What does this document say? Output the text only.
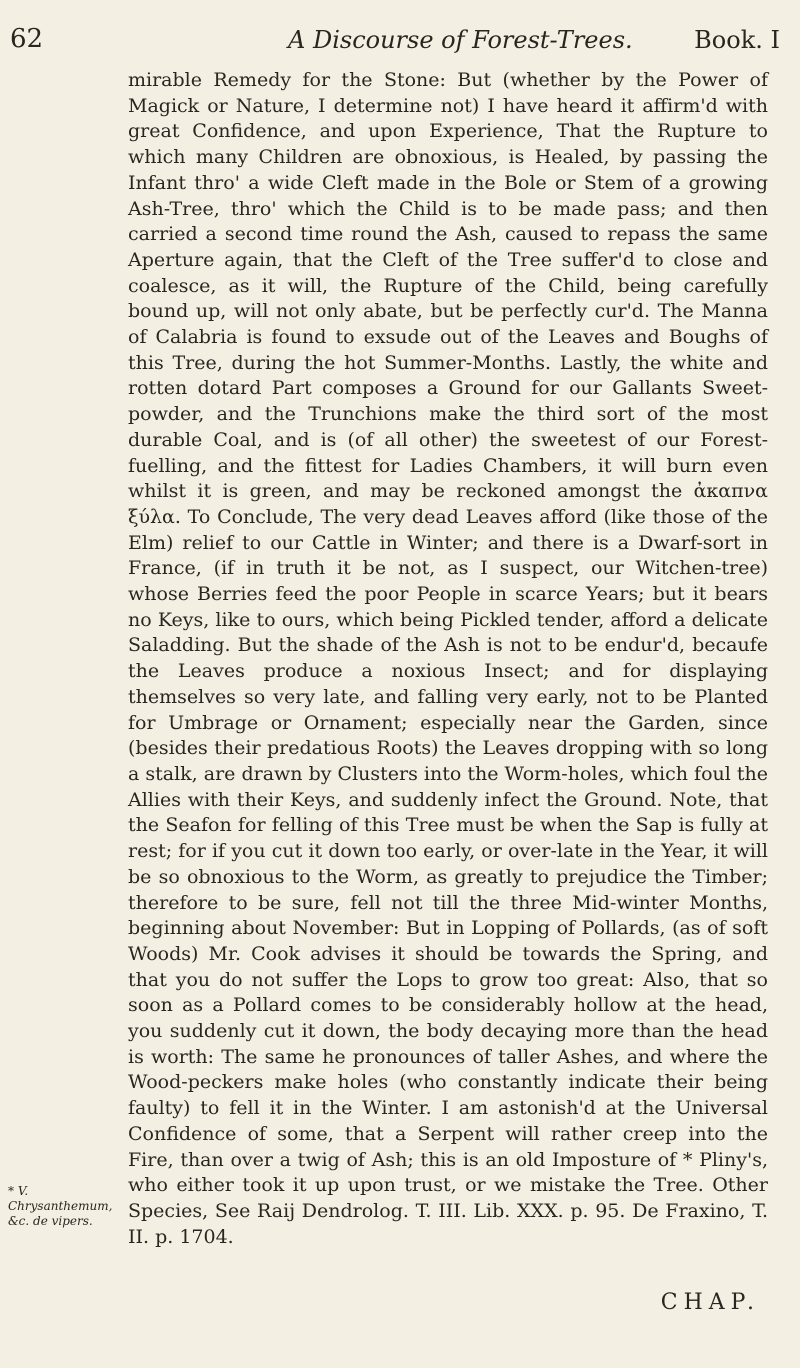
62	A Discourse of Forest-Trees.	Book. I

mirable Remedy for the Stone: But (whether by the Power of Magick or Nature, I determine not) I have heard it affirm'd with great Confidence, and upon Experience, That the Rupture to which many Children are obnoxious, is Healed, by passing the Infant thro' a wide Cleft made in the Bole or Stem of a growing Ash-Tree, thro' which the Child is to be made pass; and then carried a second time round the Ash, caused to repass the same Aperture again, that the Cleft of the Tree suffer'd to close and coalesce, as it will, the Rupture of the Child, being carefully bound up, will not only abate, but be perfectly cur'd. The Manna of Calabria is found to exsude out of the Leaves and Boughs of this Tree, during the hot Summer-Months. Lastly, the white and rotten dotard Part composes a Ground for our Gallants Sweet-powder, and the Trunchions make the third sort of the most durable Coal, and is (of all other) the sweetest of our Forest-fuelling, and the fittest for Ladies Chambers, it will burn even whilst it is green, and may be reckoned amongst the ἀκαπνα ξύλα. To Conclude, The very dead Leaves afford (like those of the Elm) relief to our Cattle in Winter; and there is a Dwarf-sort in France, (if in truth it be not, as I suspect, our Witchen-tree) whose Berries feed the poor People in scarce Years; but it bears no Keys, like to ours, which being Pickled tender, afford a delicate Saladding. But the shade of the Ash is not to be endur'd, becaufe the Leaves produce a noxious Insect; and for displaying themselves so very late, and falling very early, not to be Planted for Umbrage or Ornament; especially near the Garden, since (besides their predatious Roots) the Leaves dropping with so long a stalk, are drawn by Clusters into the Worm-holes, which foul the Allies with their Keys, and suddenly infect the Ground. Note, that the Seafon for felling of this Tree must be when the Sap is fully at rest; for if you cut it down too early, or over-late in the Year, it will be so obnoxious to the Worm, as greatly to prejudice the Timber; therefore to be sure, fell not till the three Mid-winter Months, beginning about November: But in Lopping of Pollards, (as of soft Woods) Mr. Cook advises it should be towards the Spring, and that you do not suffer the Lops to grow too great: Also, that so soon as a Pollard comes to be considerably hollow at the head, you suddenly cut it down, the body decaying more than the head is worth: The same he pronounces of taller Ashes, and where the Wood-peckers make holes (who constantly indicate their being faulty) to fell it in the Winter. I am astonish'd at the Universal Confidence of some, that a Serpent will rather creep into the Fire, than over a twig of Ash; this is an old Imposture of * Pliny's, who either took it up upon trust, or we mistake the Tree. Other Species, See Raij Dendrolog. T. III. Lib. XXX. p. 95. De Fraxino, T. II. p. 1704.

* V. Chrysanthemum, &c. de vipers.
CHAP.
